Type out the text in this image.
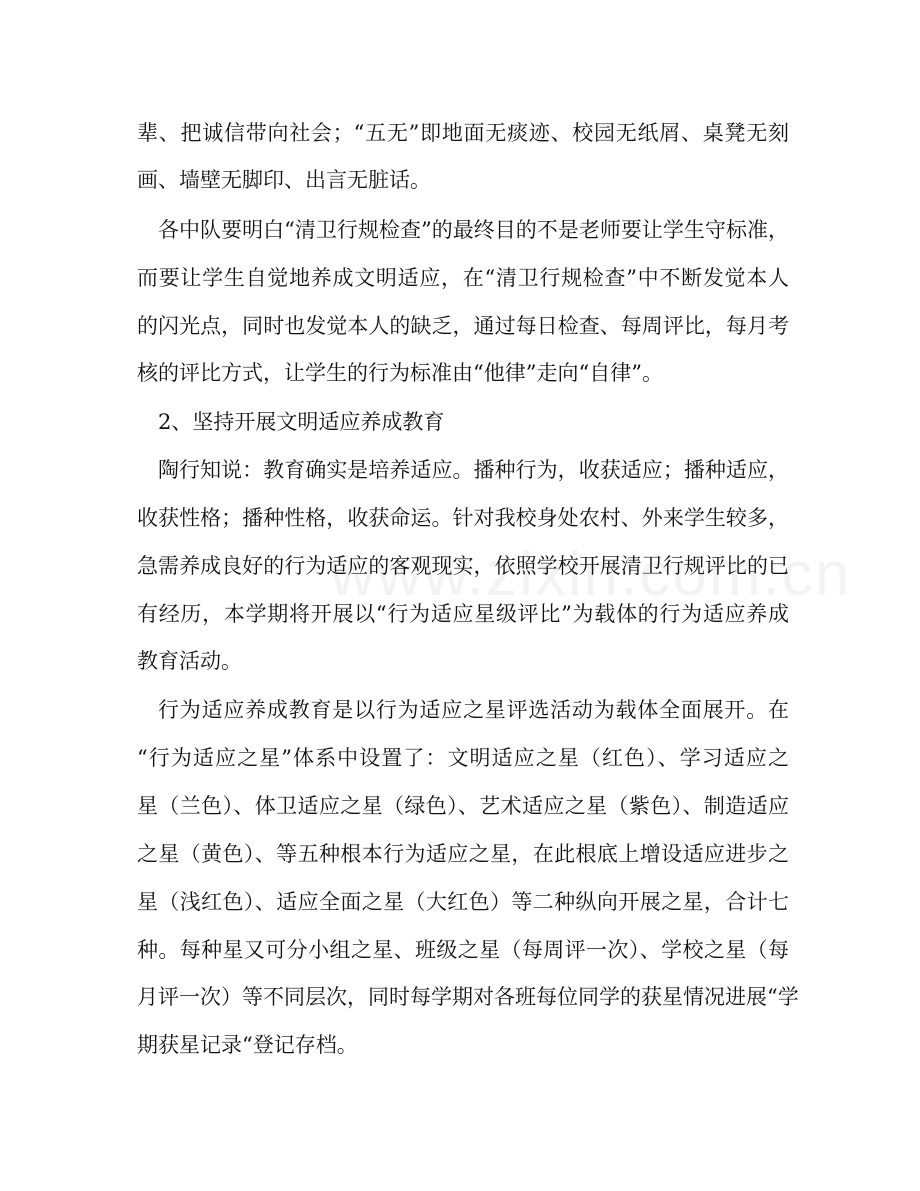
辈、把诚信带向社会；“五无”即地面无痰迹、校园无纸屑、桌凳无刻
画、墙壁无脚印、出言无脏话。
各中队要明白“清卫行规检查”的最终目的不是老师要让学生守标准，
而要让学生自觉地养成文明适应，在“清卫行规检查”中不断发觉本人
的闪光点，同时也发觉本人的缺乏，通过每日检查、每周评比，每月考
核的评比方式，让学生的行为标准由“他律”走向“自律”。
2、坚持开展文明适应养成教育
陶行知说：教育确实是培养适应。播种行为，收获适应；播种适应，
收获性格；播种性格，收获命运。针对我校身处农村、外来学生较多，
急需养成良好的行为适应的客观现实，依照学校开展清卫行规评比的已
有经历，本学期将开展以“行为适应星级评比”为载体的行为适应养成
教育活动。
行为适应养成教育是以行为适应之星评选活动为载体全面展开。在
“行为适应之星”体系中设置了：文明适应之星（红色）、学习适应之
星（兰色）、体卫适应之星（绿色）、艺术适应之星（紫色）、制造适应
之星（黄色）、等五种根本行为适应之星，在此根底上增设适应进步之
星（浅红色）、适应全面之星（大红色）等二种纵向开展之星，合计七
种。每种星又可分小组之星、班级之星（每周评一次）、学校之星（每
月评一次）等不同层次，同时每学期对各班每位同学的获星情况进展“学
期获星记录“登记存档。
